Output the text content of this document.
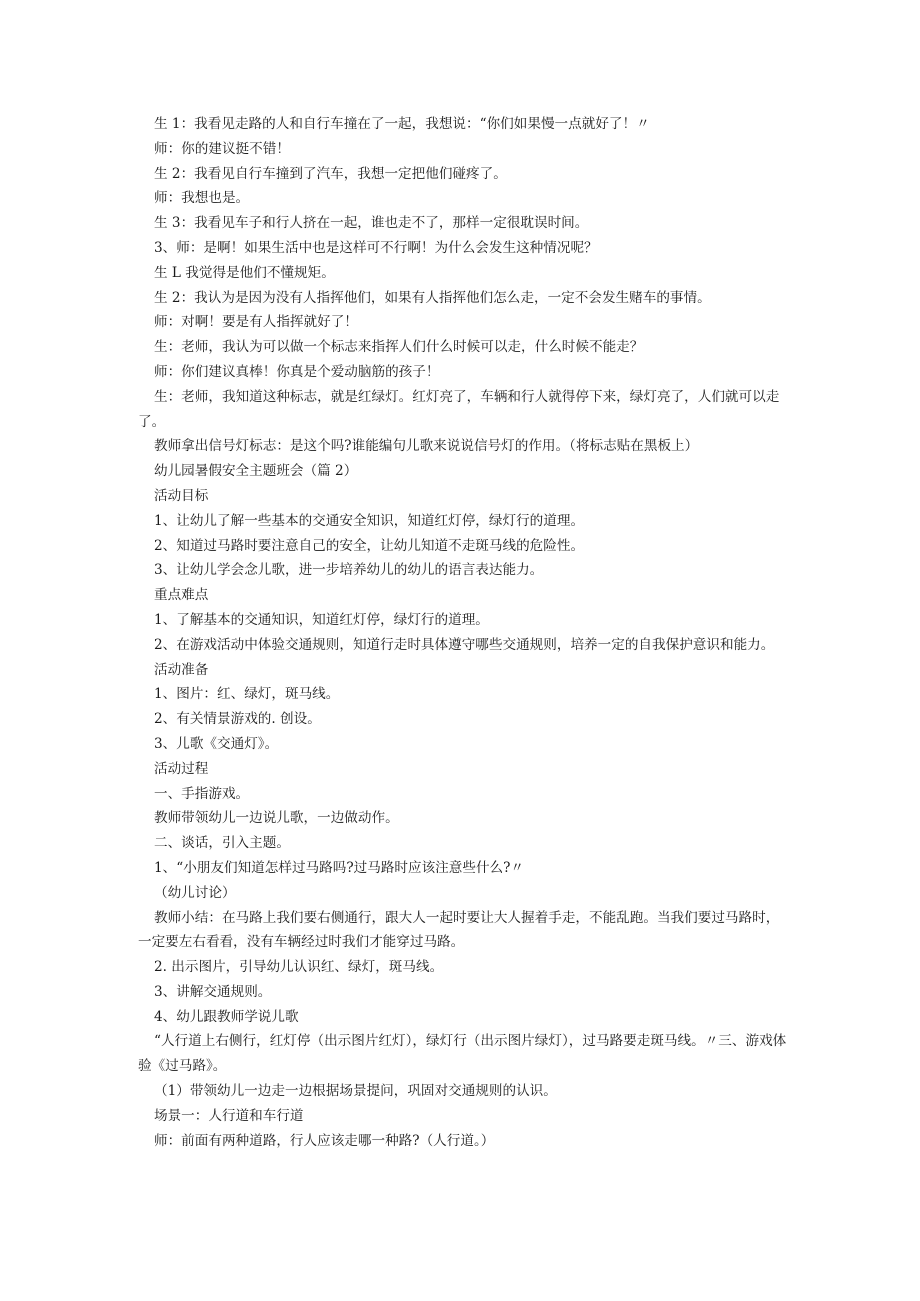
生 1：我看见走路的人和自行车撞在了一起，我想说：“你们如果慢一点就好了！〃
师：你的建议挺不错！
生 2：我看见自行车撞到了汽车，我想一定把他们碰疼了。
师：我想也是。
生 3：我看见车子和行人挤在一起，谁也走不了，那样一定很耽误时间。
3、师：是啊！如果生活中也是这样可不行啊！为什么会发生这种情况呢？
生 L 我觉得是他们不懂规矩。
生 2：我认为是因为没有人指挥他们，如果有人指挥他们怎么走，一定不会发生赌车的事情。
师：对啊！要是有人指挥就好了！
生：老师，我认为可以做一个标志来指挥人们什么时候可以走，什么时候不能走？
师：你们建议真棒！你真是个爱动脑筋的孩子！
生：老师，我知道这种标志，就是红绿灯。红灯亮了，车辆和行人就得停下来，绿灯亮了，人们就可以走了。
教师拿出信号灯标志：是这个吗?谁能编句儿歌来说说信号灯的作用。（将标志贴在黑板上）
幼儿园暑假安全主题班会（篇 2）
活动目标
1、让幼儿了解一些基本的交通安全知识，知道红灯停，绿灯行的道理。
2、知道过马路时要注意自己的安全，让幼儿知道不走斑马线的危险性。
3、让幼儿学会念儿歌，进一步培养幼儿的幼儿的语言表达能力。
重点难点
1、了解基本的交通知识，知道红灯停，绿灯行的道理。
2、在游戏活动中体验交通规则，知道行走时具体遵守哪些交通规则，培养一定的自我保护意识和能力。
活动准备
1、图片：红、绿灯，斑马线。
2、有关情景游戏的. 创设。
3、儿歌《交通灯》。
活动过程
一、手指游戏。
教师带领幼儿一边说儿歌，一边做动作。
二、谈话，引入主题。
1、“小朋友们知道怎样过马路吗?过马路时应该注意些什么?〃
（幼儿讨论）
教师小结：在马路上我们要右侧通行，跟大人一起时要让大人握着手走，不能乱跑。当我们要过马路时，一定要左右看看，没有车辆经过时我们才能穿过马路。
2. 出示图片，引导幼儿认识红、绿灯，斑马线。
3、讲解交通规则。
4、幼儿跟教师学说儿歌
“人行道上右侧行，红灯停（出示图片红灯），绿灯行（出示图片绿灯），过马路要走斑马线。〃三、游戏体验《过马路》。
（1）带领幼儿一边走一边根据场景提问，巩固对交通规则的认识。
场景一：人行道和车行道
师：前面有两种道路，行人应该走哪一种路?（人行道。）
